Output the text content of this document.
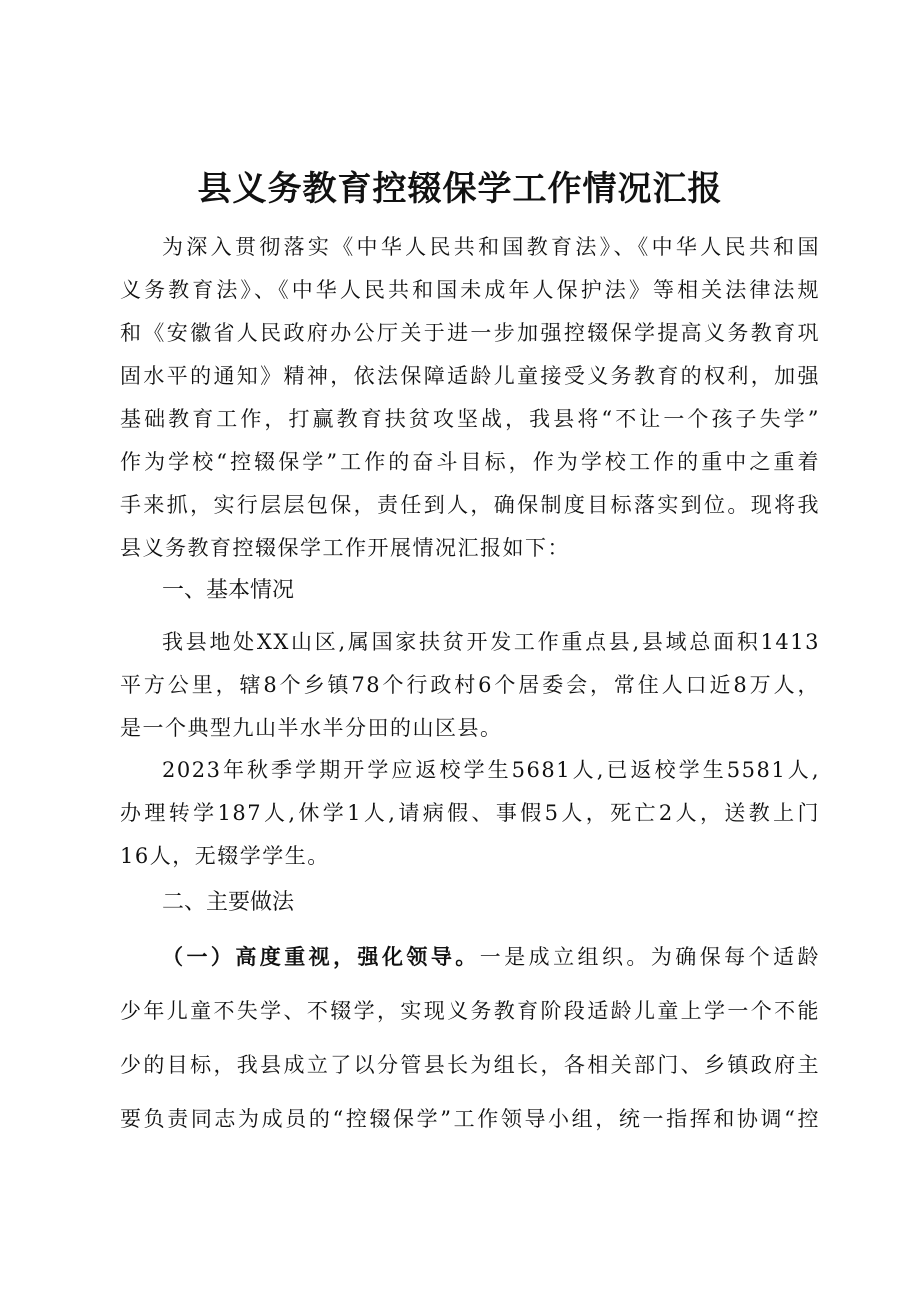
县义务教育控辍保学工作情况汇报
为深入贯彻落实《中华人民共和国教育法》、《中华人民共和国
义务教育法》、《中华人民共和国未成年人保护法》等相关法律法规
和《安徽省人民政府办公厅关于进一步加强控辍保学提高义务教育巩
固水平的通知》精神，依法保障适龄儿童接受义务教育的权利，加强
基础教育工作，打赢教育扶贫攻坚战，我县将“不让一个孩子失学”
作为学校“控辍保学”工作的奋斗目标，作为学校工作的重中之重着
手来抓，实行层层包保，责任到人，确保制度目标落实到位。现将我
县义务教育控辍保学工作开展情况汇报如下：
一、基本情况
我县地处XX山区,属国家扶贫开发工作重点县,县域总面积1413
平方公里，辖8个乡镇78个行政村6个居委会，常住人口近8万人，
是一个典型九山半水半分田的山区县。
2023年秋季学期开学应返校学生5681人,已返校学生5581人,
办理转学187人,休学1人,请病假、事假5人，死亡2人，送教上门
16人，无辍学学生。
二、主要做法
（一）高度重视，强化领导。一是成立组织。为确保每个适龄
少年儿童不失学、不辍学，实现义务教育阶段适龄儿童上学一个不能
少的目标，我县成立了以分管县长为组长，各相关部门、乡镇政府主
要负责同志为成员的“控辍保学”工作领导小组，统一指挥和协调“控
